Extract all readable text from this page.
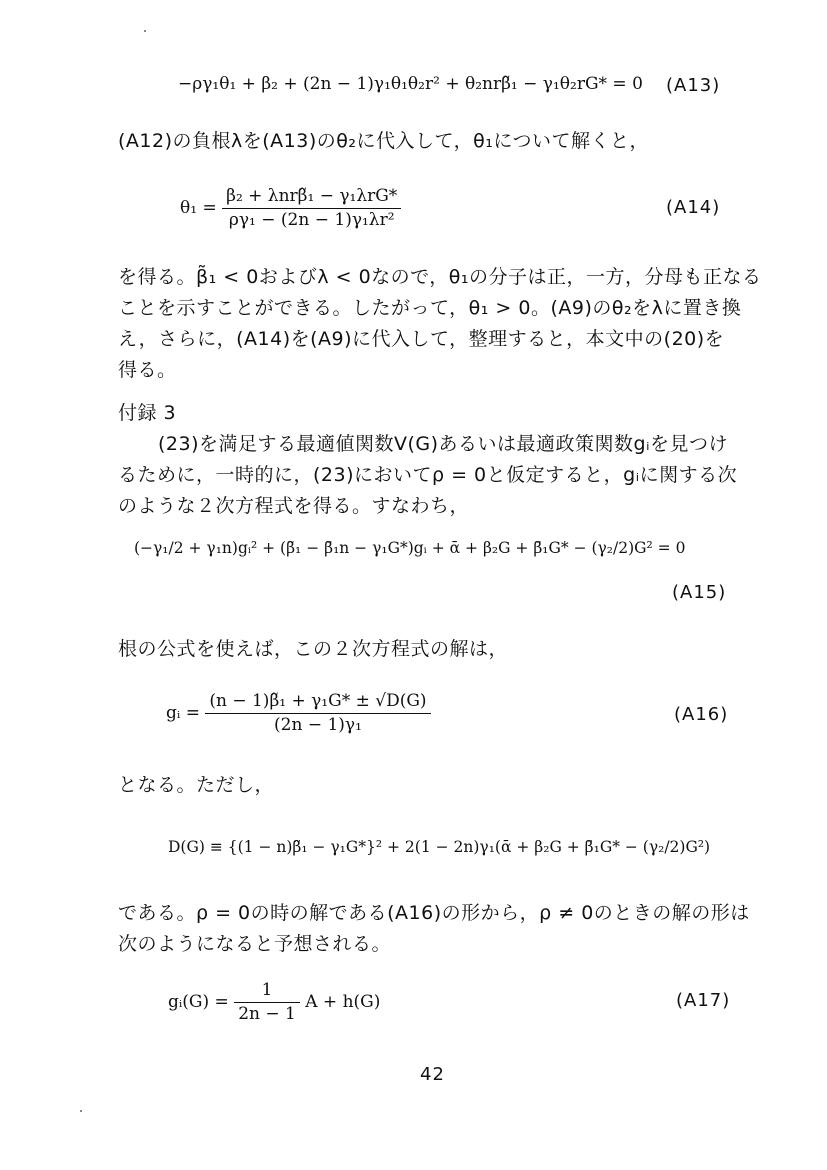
−ργ₁θ₁ + β₂ + (2n − 1)γ₁θ₁θ₂r² + θ₂nrβ̃₁ − γ₁θ₂rG* = 0 (A13)
(A12)の負根λを(A13)のθ₂に代入して，θ₁について解くと，
$\theta_1 = \frac{\text{β₂ + λnrβ̃₁ − γ₁λrG*}}{\text{ργ₁ − (2n − 1)γ₁λr²}}$	(A14)
を得る。β̃₁ < 0およびλ < 0なので，θ₁の分子は正，一方，分母も正なる
ことを示すことができる。したがって，θ₁ > 0。(A9)のθ₂をλに置き換
え，さらに，(A14)を(A9)に代入して，整理すると，本文中の(20)を
得る。
付録 3
(23)を満足する最適値関数V(G)あるいは最適政策関数gᵢを見つけ
るために，一時的に，(23)においてρ = 0と仮定すると，gᵢに関する次
のような２次方程式を得る。すなわち，
(−γ₁/2 + γ₁n)gᵢ² + (β̃₁ − β̄₁n − γ₁G*)gᵢ + ᾱ + β₂G + β̄₁G* − (γ₂/2)G² = 0
(A15)
根の公式を使えば，この２次方程式の解は，
gᵢ = $\frac{\text{(n − 1)β̃₁ + γ₁G* ± √D(G)}}{\text{(2n − 1)γ₁}}$	(A16)
となる。ただし，
D(G) ≡ {(1 − n)β̃₁ − γ₁G*}² + 2(1 − 2n)γ₁(ᾱ + β₂G + β̄₁G* − (γ₂/2)G²)
である。ρ = 0の時の解である(A16)の形から，ρ ≠ 0のときの解の形は
次のようになると予想される。
gᵢ(G) = $\frac{1}{2n - 1}$ A + h(G)	(A17)
42
